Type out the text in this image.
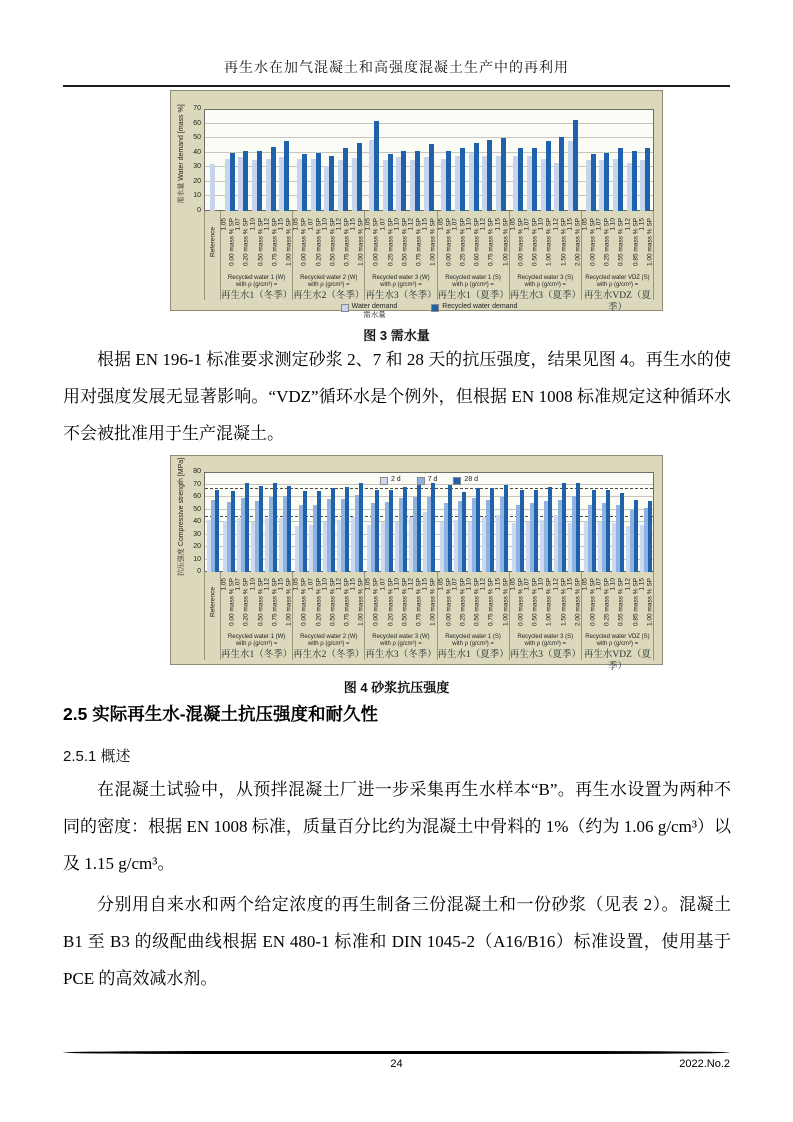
再生水在加气混凝土和高强度混凝土生产中的再利用
需水量 Water demand [mass %]
0
10
20
30
40
50
60
70
Reference
1.05
0.00 mass % SP 1.07
0.20 mass % SP 1.10
0.50 mass % SP 1.12
0.75 mass % SP 1.15
1.00 mass % SP
Recycled water 1 (W)
with ρ (g/cm³) =
再生水1（冬季）
1.05
0.00 mass % SP 1.07
0.20 mass % SP 1.10
0.50 mass % SP 1.12
0.75 mass % SP 1.15
1.00 mass % SP
Recycled water 2 (W)
with ρ (g/cm³) =
再生水2（冬季）
1.05
0.00 mass % SP 1.07
0.25 mass % SP 1.10
0.50 mass % SP 1.12
0.75 mass % SP 1.15
1.00 mass % SP
Recycled water 3 (W)
with ρ (g/cm³) =
再生水3（冬季）
1.05
0.00 mass % SP 1.07
0.25 mass % SP 1.10
0.60 mass % SP 1.12
0.75 mass % SP 1.15
1.00 mass % SP
Recycled water 1 (S)
with ρ (g/cm³) =
再生水1（夏季）
1.05
0.00 mass % SP 1.07
0.50 mass % SP 1.10
1.00 mass % SP 1.12
1.50 mass % SP 1.15
2.00 mass % SP
Recycled water 3 (S)
with ρ (g/cm³) =
再生水3（夏季）
1.05
0.00 mass % SP 1.07
0.25 mass % SP 1.10
0.55 mass % SP 1.12
0.85 mass % SP 1.15
1.00 mass % SP
Recycled water VDZ (S)
with ρ (g/cm³) =
再生水VDZ（夏季）
Water demand
需水量
Recycled water demand
图 3 需水量
根据 EN 196-1 标准要求测定砂浆 2、7 和 28 天的抗压强度，结果见图 4。再生水的使用对强度发展无显著影响。“VDZ”循环水是个例外，但根据 EN 1008 标准规定这种循环水不会被批准用于生产混凝土。
抗压强度 Compressive strength [MPa] 0
10
20
30
40
50
60
70
80
2 d	7 d	28 d
Reference
1.05
0.00 mass % SP 1.07
0.20 mass % SP 1.10
0.50 mass % SP 1.12
0.75 mass % SP 1.15
1.00 mass % SP
Recycled water 1 (W)
with ρ (g/cm³) =
再生水1（冬季）
1.05
0.00 mass % SP 1.07
0.20 mass % SP 1.10
0.50 mass % SP 1.12
0.75 mass % SP 1.15
1.00 mass % SP
Recycled water 2 (W)
with ρ (g/cm³) =
再生水2（冬季）
1.05
0.00 mass % SP 1.07
0.20 mass % SP 1.10
0.50 mass % SP 1.12
0.75 mass % SP 1.15
1.00 mass % SP
Recycled water 3 (W)
with ρ (g/cm³) =
再生水3（冬季）
1.05
0.00 mass % SP 1.07
0.25 mass % SP 1.10
0.56 mass % SP 1.12
0.75 mass % SP 1.15
1.00 mass % SP
Recycled water 1 (S)
with ρ (g/cm³) =
再生水1（夏季）
1.05
0.00 mass % SP 1.07
0.50 mass % SP 1.10
1.00 mass % SP 1.12
1.50 mass % SP 1.15
2.00 mass % SP
Recycled water 3 (S)
with ρ (g/cm³) =
再生水3（夏季）
1.05
0.00 mass % SP 1.07
0.25 mass % SP 1.10
0.55 mass % SP 1.12
0.85 mass % SP 1.15
1.00 mass % SP
Recycled water VDZ (S)
with ρ (g/cm³) =
再生水VDZ（夏季）
图 4 砂浆抗压强度
2.5 实际再生水-混凝土抗压强度和耐久性
2.5.1 概述
在混凝土试验中，从预拌混凝土厂进一步采集再生水样本“B”。再生水设置为两种不同的密度：根据 EN 1008 标准，质量百分比约为混凝土中骨料的 1%（约为 1.06 g/cm³）以及 1.15 g/cm³。
分别用自来水和两个给定浓度的再生制备三份混凝土和一份砂浆（见表 2）。混凝土 B1 至 B3 的级配曲线根据 EN 480-1 标准和 DIN 1045-2（A16/B16）标准设置，使用基于 PCE 的高效减水剂。
24	2022.No.2
